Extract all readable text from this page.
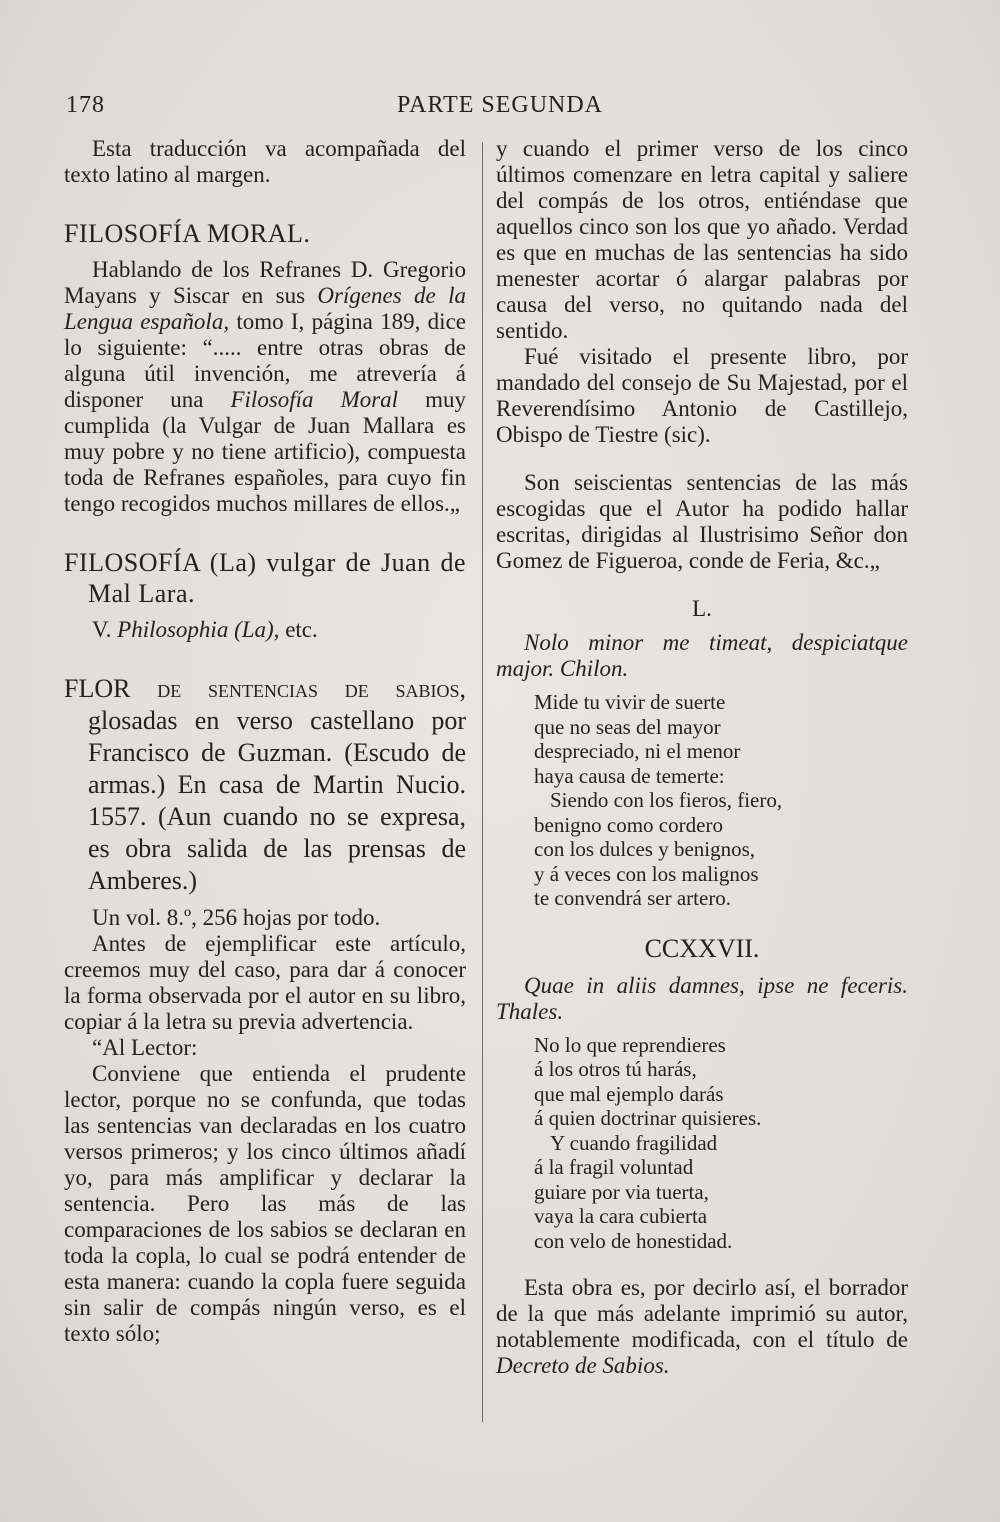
178	PARTE SEGUNDA

Esta traducción va acompañada del texto latino al margen.

FILOSOFÍA MORAL.

Hablando de los Refranes D. Gregorio Mayans y Siscar en sus Orígenes de la Lengua española, tomo I, página 189, dice lo siguiente: “..... entre otras obras de alguna útil invención, me atrevería á disponer una Filosofía Moral muy cumplida (la Vulgar de Juan Mallara es muy pobre y no tiene artificio), compuesta toda de Refranes españoles, para cuyo fin tengo recogidos muchos millares de ellos.„

FILOSOFÍA (La) vulgar de Juan de Mal Lara.

V. Philosophia (La), etc.

FLOR de sentencias de sabios, glosadas en verso castellano por Francisco de Guzman. (Escudo de armas.) En casa de Martin Nucio. 1557. (Aun cuando no se expresa, es obra salida de las prensas de Amberes.)

Un vol. 8.º, 256 hojas por todo.

Antes de ejemplificar este artículo, creemos muy del caso, para dar á conocer la forma observada por el autor en su libro, copiar á la letra su previa advertencia.

“Al Lector:

Conviene que entienda el prudente lector, porque no se confunda, que todas las sentencias van declaradas en los cuatro versos primeros; y los cinco últimos añadí yo, para más amplificar y declarar la sentencia. Pero las más de las comparaciones de los sabios se declaran en toda la copla, lo cual se podrá entender de esta manera: cuando la copla fuere seguida sin salir de compás ningún verso, es el texto sólo;

y cuando el primer verso de los cinco últimos comenzare en letra capital y saliere del compás de los otros, entiéndase que aquellos cinco son los que yo añado. Verdad es que en muchas de las sentencias ha sido menester acortar ó alargar palabras por causa del verso, no quitando nada del sentido.

Fué visitado el presente libro, por mandado del consejo de Su Majestad, por el Reverendísimo Antonio de Castillejo, Obispo de Tiestre (sic).

Son seiscientas sentencias de las más escogidas que el Autor ha podido hallar escritas, dirigidas al Ilustrisimo Señor don Gomez de Figueroa, conde de Feria, &c.„

L.

Nolo minor me timeat, despiciatque major. Chilon.

Mide tu vivir de suerte
que no seas del mayor
despreciado, ni el menor
haya causa de temerte:
Siendo con los fieros, fiero,
benigno como cordero
con los dulces y benignos,
y á veces con los malignos
te convendrá ser artero.

CCXXVII.

Quae in aliis damnes, ipse ne feceris. Thales.

No lo que reprendieres
á los otros tú harás,
que mal ejemplo darás
á quien doctrinar quisieres.
Y cuando fragilidad
á la fragil voluntad
guiare por via tuerta,
vaya la cara cubierta
con velo de honestidad.

Esta obra es, por decirlo así, el borrador de la que más adelante imprimió su autor, notablemente modificada, con el título de Decreto de Sabios.
